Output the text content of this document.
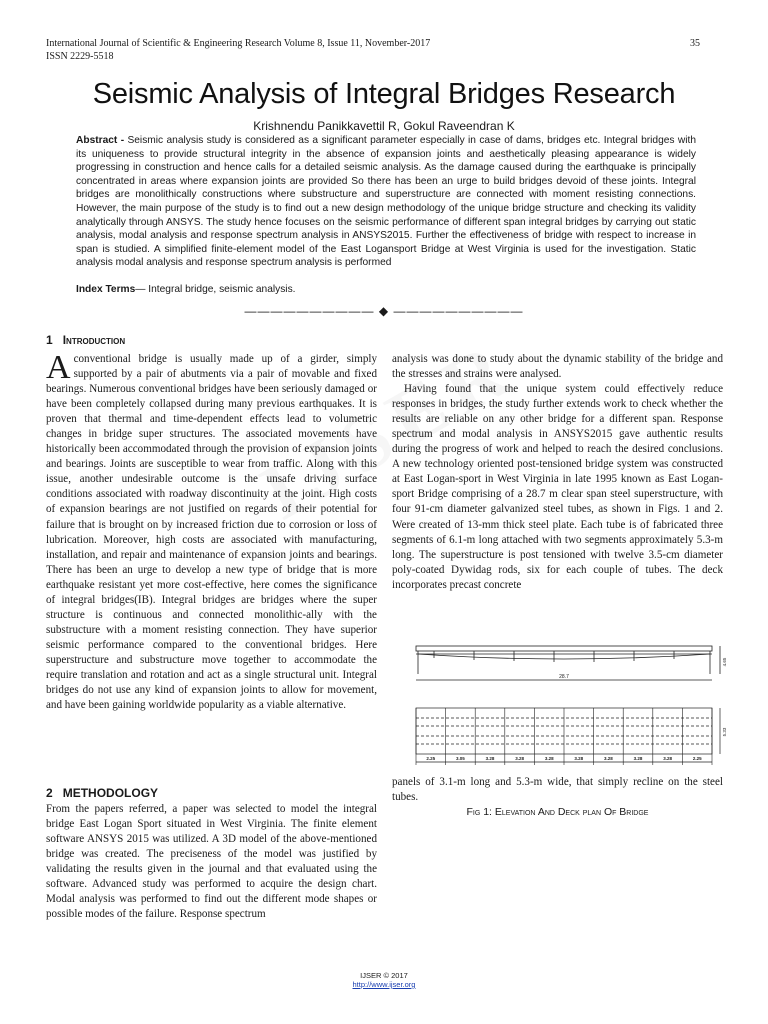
International Journal of Scientific & Engineering Research Volume 8, Issue 11, November-2017
ISSN 2229-5518
35
Seismic Analysis of Integral Bridges Research
Krishnendu Panikkavettil R, Gokul Raveendran K

Abstract - Seismic analysis study is considered as a significant parameter especially in case of dams, bridges etc. Integral bridges with its uniqueness to provide structural integrity in the absence of expansion joints and aesthetically pleasing appearance is widely progressing in construction and hence calls for a detailed seismic analysis. As the damage caused during the earthquake is principally concentrated in areas where expansion joints are provided So there has been an urge to build bridges devoid of these joints. Integral bridges are monolithically constructions where substructure and superstructure are connected with moment resisting connections. However, the main purpose of the study is to find out a new design methodology of the unique bridge structure and checking its validity analytically through ANSYS. The study hence focuses on the seismic performance of different span integral bridges by carrying out static analysis, modal analysis and response spectrum analysis in ANSYS2015. Further the effectiveness of bridge with respect to increase in span is studied. A simplified finite-element model of the East Logansport Bridge at West Virginia is used for the investigation. Static analysis modal analysis and response spectrum analysis is performed

Index Terms— Integral bridge, seismic analysis.

—————————— ◆ ——————————
1 Introduction
Aconventional bridge is usually made up of a girder, simply supported by a pair of abutments via a pair of movable and fixed bearings. Numerous conventional bridges have been seriously damaged or have been completely collapsed during many previous earthquakes. It is proven that thermal and time-dependent effects lead to volumetric changes in bridge super structures. The associated movements have historically been accommodated through the provision of expansion joints and bearings. Joints are susceptible to wear from traffic. Along with this issue, another undesirable outcome is the unsafe driving surface conditions associated with roadway discontinuity at the joint. High costs of expansion bearings are not justified on regards of their potential for failure that is brought on by increased friction due to corrosion or loss of lubrication. Moreover, high costs are associated with manufacturing, installation, and repair and maintenance of expansion joints and bearings. There has been an urge to develop a new type of bridge that is more earthquake resistant yet more cost-effective, here comes the significance of integral bridges(IB). Integral bridges are bridges where the super structure is continuous and connected monolithic-ally with the substructure with a moment resisting connection. They have superior seismic performance compared to the conventional bridges. Here superstructure and substructure move together to accommodate the require translation and rotation and act as a single structural unit. Integral bridges do not use any kind of expansion joints to allow for movement, and have been gaining worldwide popularity as a viable alternative.
2 METHODOLOGY

From the papers referred, a paper was selected to model the integral bridge East Logan Sport situated in West Virginia. The finite element software ANSYS 2015 was utilized. A 3D model of the above-mentioned bridge was created. The preciseness of the model was justified by validating the results given in the journal and that evaluated using the software. Advanced study was performed to acquire the design chart. Modal analysis was performed to find out the different mode shapes or possible modes of the failure. Response spectrum

analysis was done to study about the dynamic stability of the bridge and the stresses and strains were analysed.

Having found that the unique system could effectively reduce responses in bridges, the study further extends work to check whether the results are reliable on any other bridge for a different span. Response spectrum and modal analysis in ANSYS2015 gave authentic results during the progress of work and helped to reach the desired conclusions. A new technology oriented post-tensioned bridge system was constructed at East Logan-sport in West Virginia in late 1995 known as East Logan-sport Bridge comprising of a 28.7 m clear span steel superstructure, with four 91-cm diameter galvanized steel tubes, as shown in Figs. 1 and 2. Were created of 13-mm thick steel plate. Each tube is of fabricated three segments of 6.1-m long attached with two segments approximately 5.3-m long. The superstructure is post tensioned with twelve 3.5-cm diameter poly-coated Dywidag rods, six for each couple of tubes. The deck incorporates precast concrete

28.7
4.65
5.33
2.25	3.05	3.28	3.28	3.28	3.28	3.28	3.28	3.28	2.25

panels of 3.1-m long and 5.3-m wide, that simply recline on the steel tubes.

Fig 1: Elevation And Deck plan Of Bridge
IJSER © 2017
http://www.ijser.org
